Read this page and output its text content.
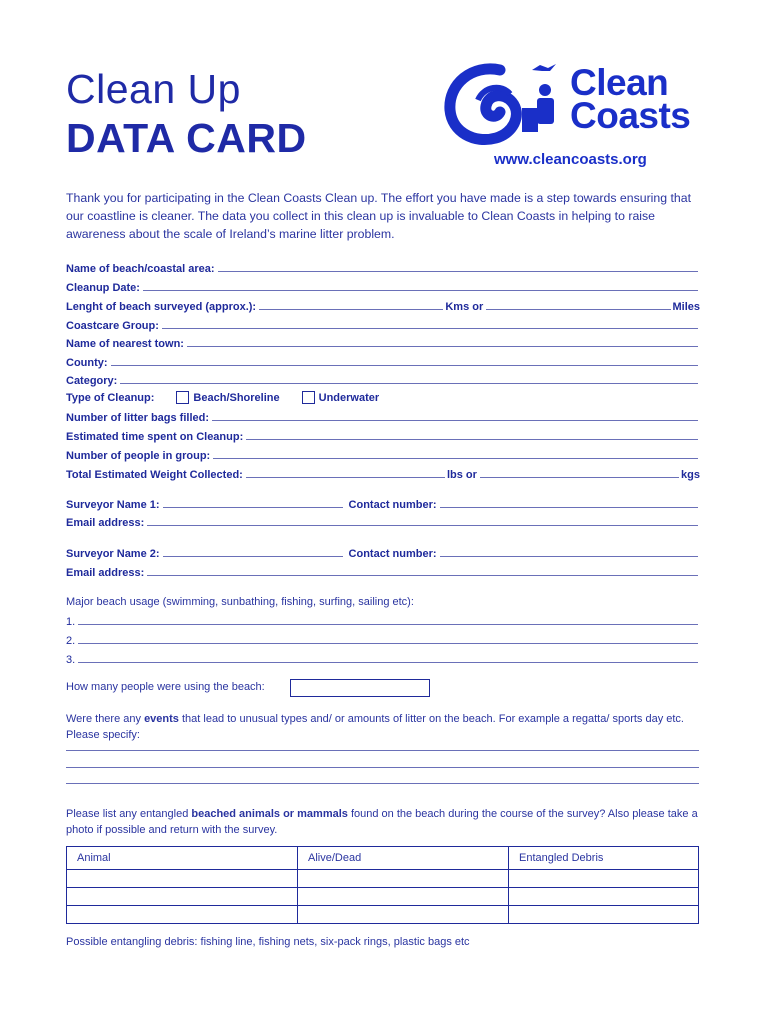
Clean Up
DATA CARD
Clean
Coasts
www.cleancoasts.org
Thank you for participating in the Clean Coasts Clean up. The effort you have made is a step towards ensuring that our coastline is cleaner. The data you collect in this clean up is invaluable to Clean Coasts in helping to raise awareness about the scale of Ireland’s marine litter problem.
Name of beach/coastal area:
Cleanup Date:
Lenght of beach surveyed (approx.):	Kms or	Miles
Coastcare Group:
Name of nearest town:
County:
Category:
Type of Cleanup:	Beach/Shoreline	Underwater
Number of litter bags filled:
Estimated time spent on Cleanup:
Number of people in group:
Total Estimated Weight Collected:	lbs or	kgs
Surveyor Name 1:	Contact number:
Email address:
Surveyor Name 2:	Contact number:
Email address:
Major beach usage (swimming, sunbathing, fishing, surfing, sailing etc):
1.
2.
3.
How many people were using the beach:
Were there any events that lead to unusual types and/ or amounts of litter on the beach. For example a regatta/ sports day etc. Please specify:
Please list any entangled beached animals or mammals found on the beach during the course of the survey? Also please take a photo if possible and return with the survey.
Animal	Alive/Dead	Entangled Debris

Possible entangling debris: fishing line, fishing nets, six-pack rings, plastic bags etc
